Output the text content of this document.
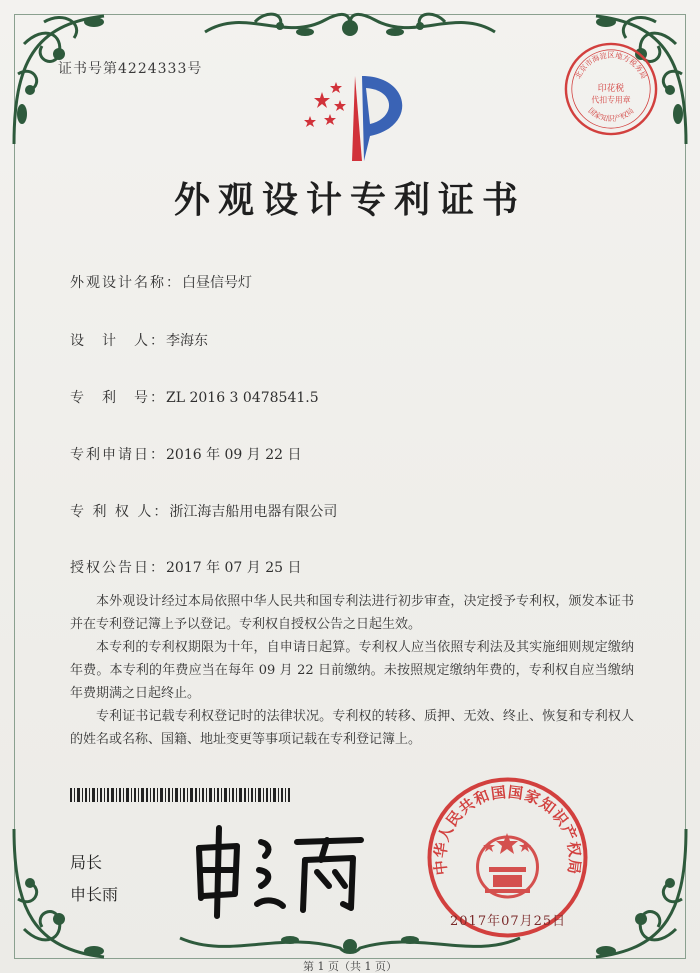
证书号第4224333号
外观设计专利证书
外观设计名称：白昼信号灯
设　计　人：李海东
专　利　号：ZL 2016 3 0478541.5
专利申请日：2016 年 09 月 22 日
专 利 权 人：浙江海吉船用电器有限公司
授权公告日：2017 年 07 月 25 日
本外观设计经过本局依照中华人民共和国专利法进行初步审查，决定授予专利权，颁发本证书并在专利登记簿上予以登记。专利权自授权公告之日起生效。
本专利的专利权期限为十年，自申请日起算。专利权人应当依照专利法及其实施细则规定缴纳年费。本专利的年费应当在每年 09 月 22 日前缴纳。未按照规定缴纳年费的，专利权自应当缴纳年费期满之日起终止。
专利证书记载专利权登记时的法律状况。专利权的转移、质押、无效、终止、恢复和专利权人的姓名或名称、国籍、地址变更等事项记载在专利登记簿上。
局长
申长雨
北京市海淀区地方税务局
国家知识产权局
印花税
代扣专用章
中华人民共和国国家知识产权局
2017年07月25日
第 1 页（共 1 页）
